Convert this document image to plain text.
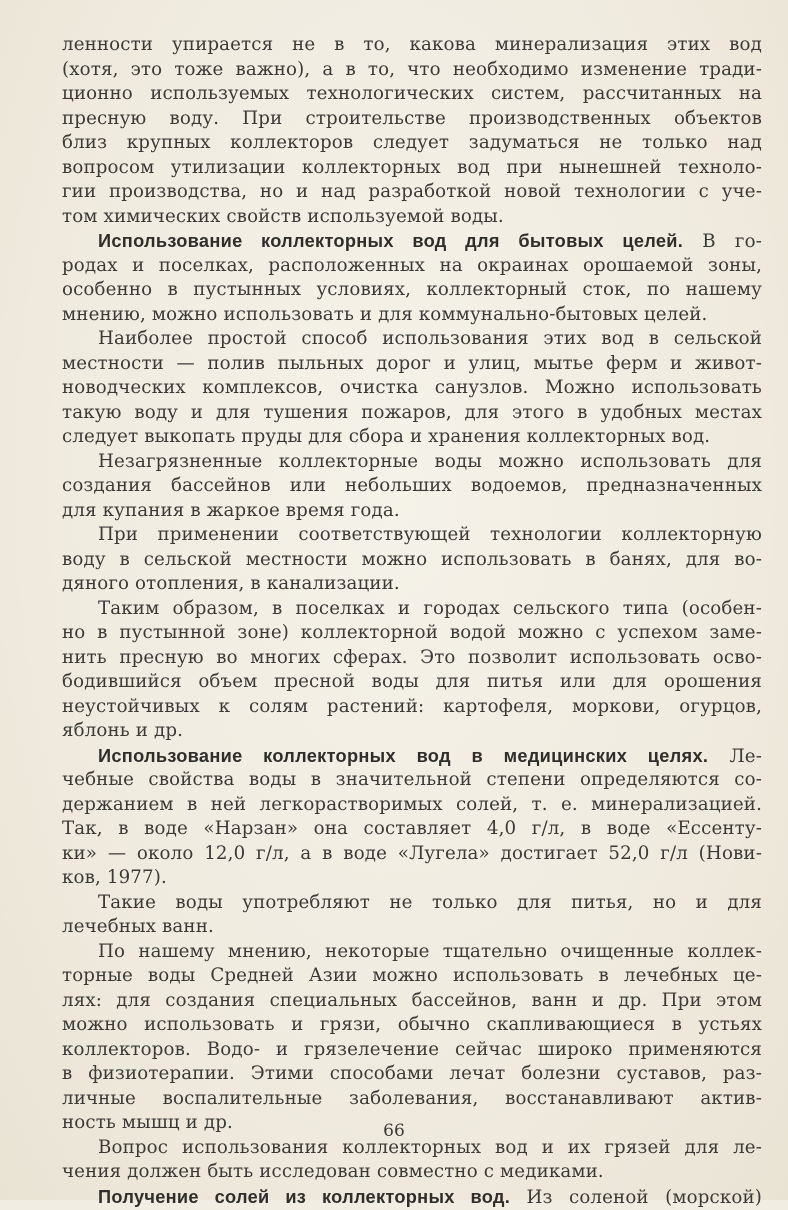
ленности упирается не в то, какова минерализация этих вод
(хотя, это тоже важно), а в то, что необходимо изменение тради-
ционно используемых технологических систем, рассчитанных на
пресную воду. При строительстве производственных объектов
близ крупных коллекторов следует задуматься не только над
вопросом утилизации коллекторных вод при нынешней техноло-
гии производства, но и над разработкой новой технологии с уче-
том химических свойств используемой воды.
Использование коллекторных вод для бытовых целей. В го-
родах и поселках, расположенных на окраинах орошаемой зоны,
особенно в пустынных условиях, коллекторный сток, по нашему
мнению, можно использовать и для коммунально-бытовых целей.
Наиболее простой способ использования этих вод в сельской
местности — полив пыльных дорог и улиц, мытье ферм и живот-
новодческих комплексов, очистка санузлов. Можно использовать
такую воду и для тушения пожаров, для этого в удобных местах
следует выкопать пруды для сбора и хранения коллекторных вод.
Незагрязненные коллекторные воды можно использовать для
создания бассейнов или небольших водоемов, предназначенных
для купания в жаркое время года.
При применении соответствующей технологии коллекторную
воду в сельской местности можно использовать в банях, для во-
дяного отопления, в канализации.
Таким образом, в поселках и городах сельского типа (особен-
но в пустынной зоне) коллекторной водой можно с успехом заме-
нить пресную во многих сферах. Это позволит использовать осво-
бодившийся объем пресной воды для питья или для орошения
неустойчивых к солям растений: картофеля, моркови, огурцов,
яблонь и др.
Использование коллекторных вод в медицинских целях. Ле-
чебные свойства воды в значительной степени определяются со-
держанием в ней легкорастворимых солей, т. е. минерализацией.
Так, в воде «Нарзан» она составляет 4,0 г/л, в воде «Ессенту-
ки» — около 12,0 г/л, а в воде «Лугела» достигает 52,0 г/л (Нови-
ков, 1977).
Такие воды употребляют не только для питья, но и для
лечебных ванн.
По нашему мнению, некоторые тщательно очищенные коллек-
торные воды Средней Азии можно использовать в лечебных це-
лях: для создания специальных бассейнов, ванн и др. При этом
можно использовать и грязи, обычно скапливающиеся в устьях
коллекторов. Водо- и грязелечение сейчас широко применяются
в физиотерапии. Этими способами лечат болезни суставов, раз-
личные воспалительные заболевания, восстанавливают актив-
ность мышц и др.
Вопрос использования коллекторных вод и их грязей для ле-
чения должен быть исследован совместно с медиками.
Получение солей из коллекторных вод. Из соленой (морской)
66
